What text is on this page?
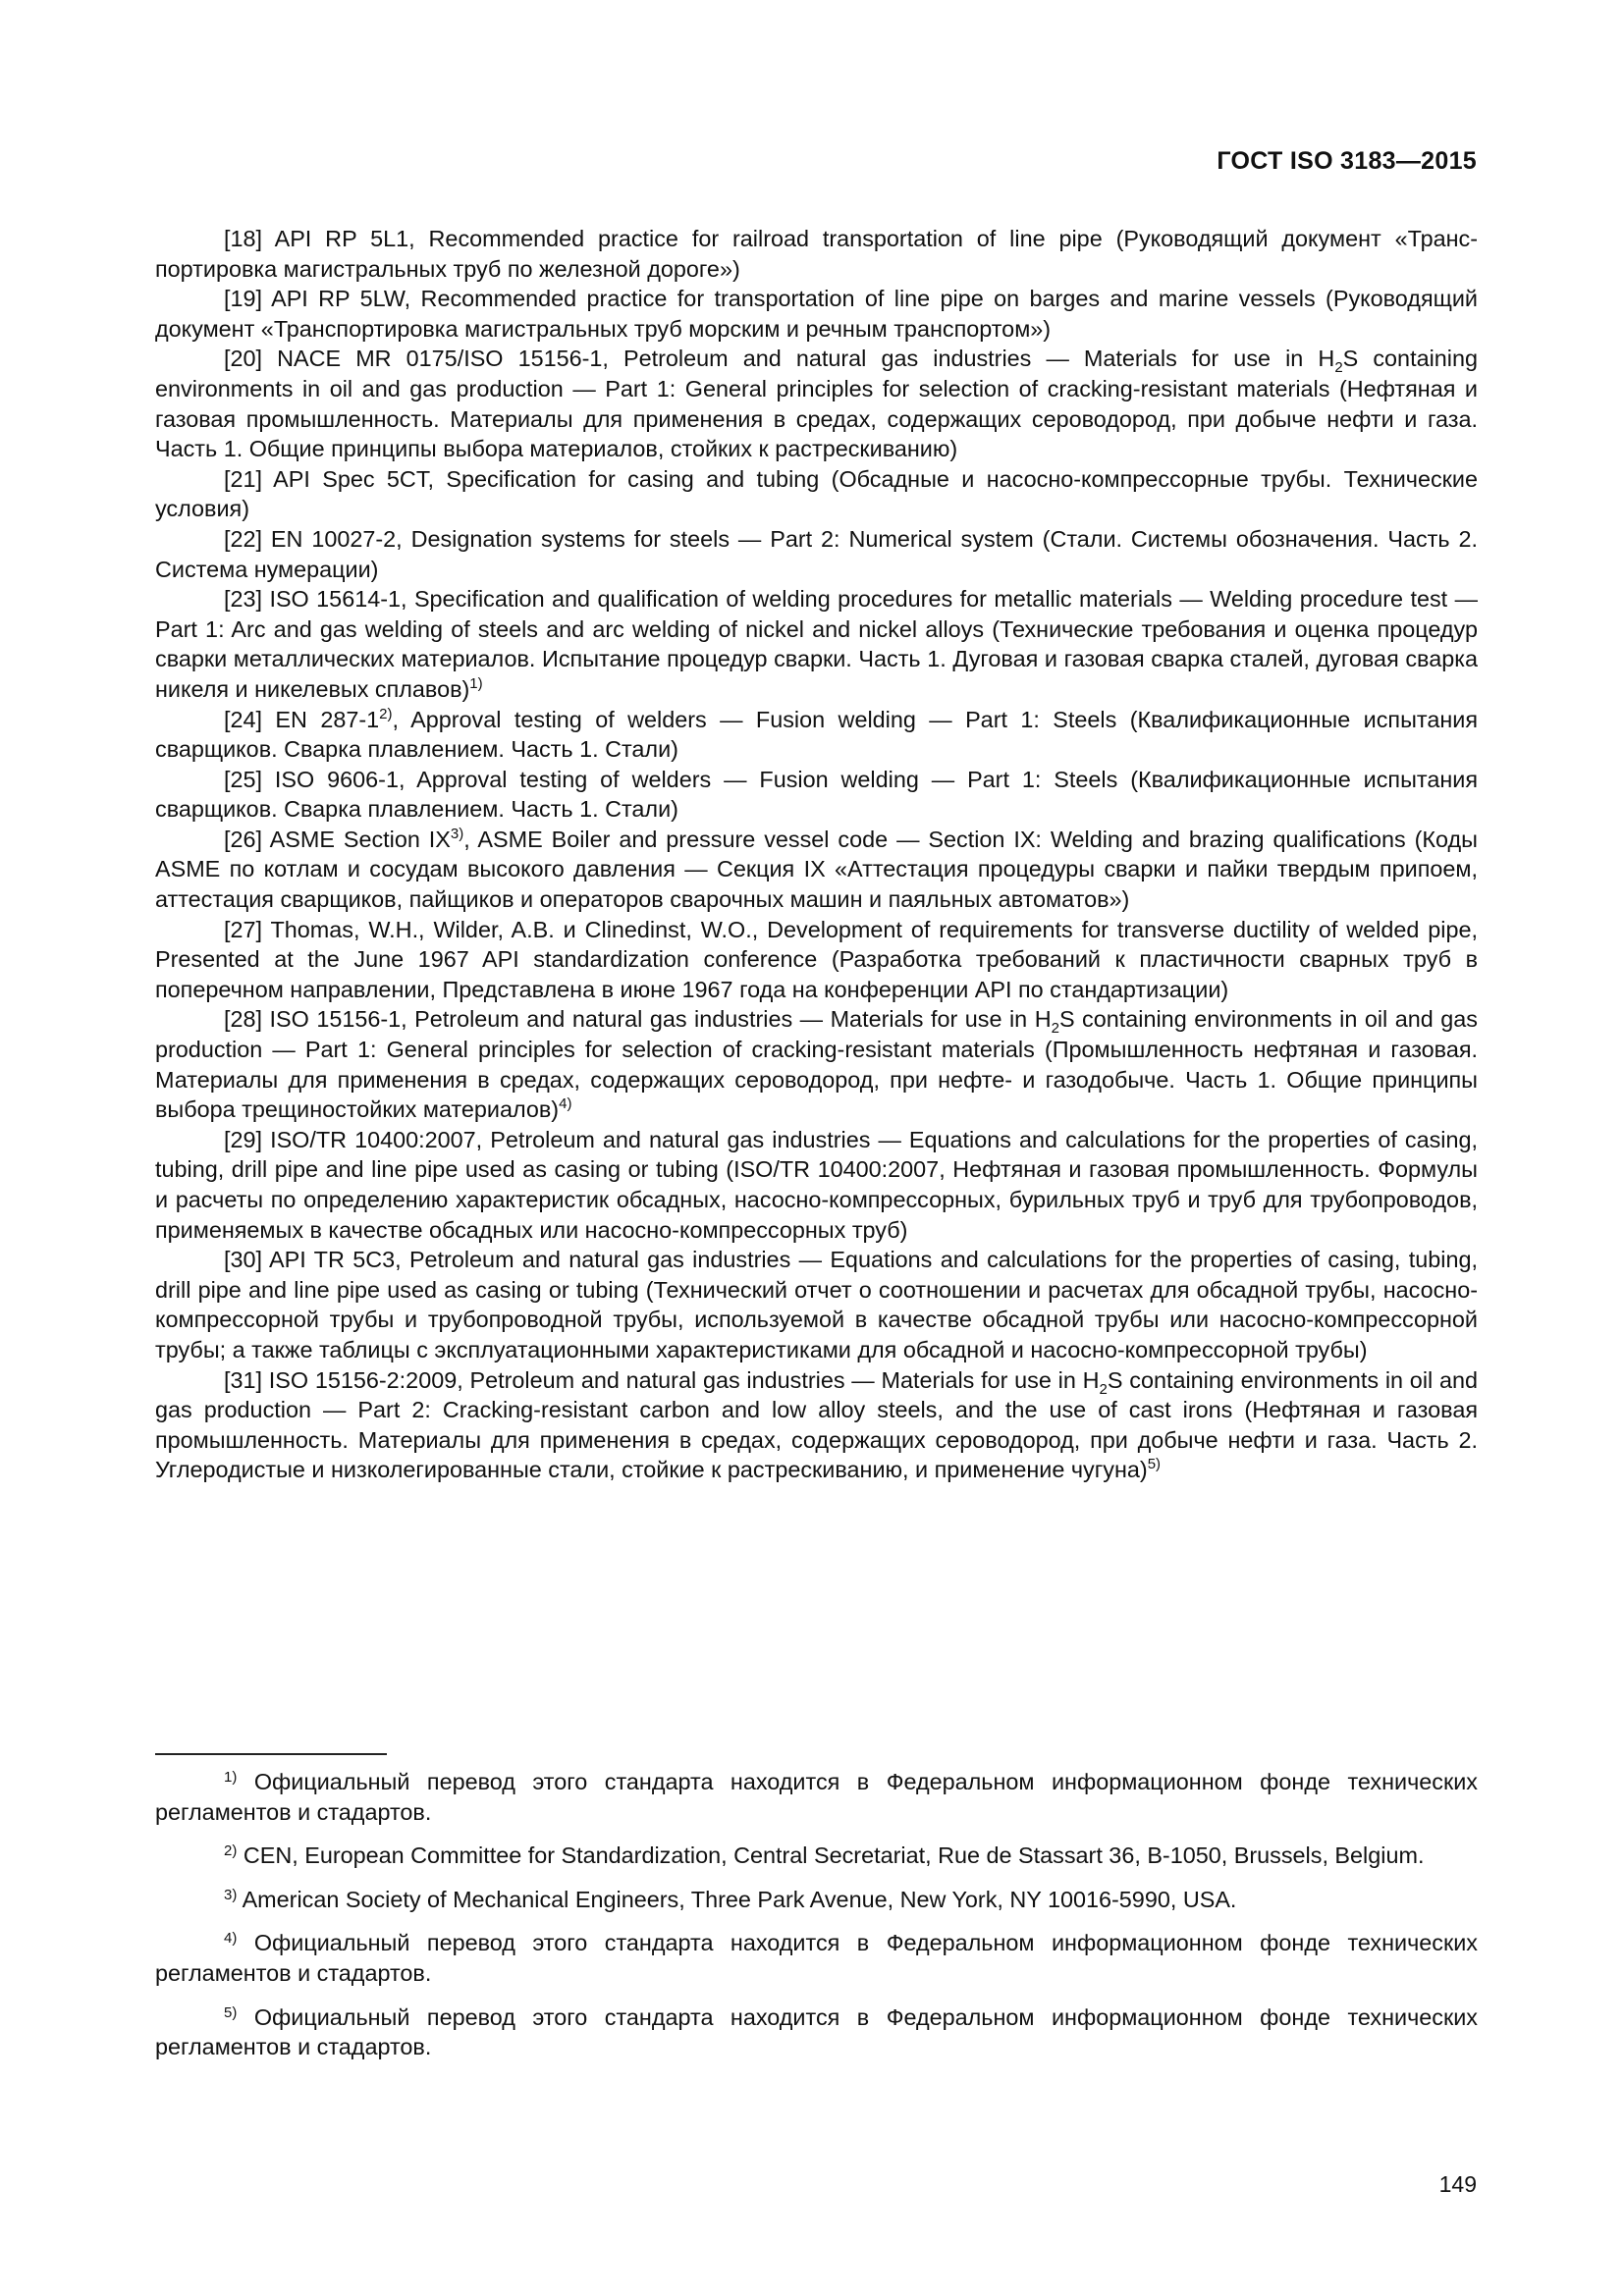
ГОСТ ISO 3183—2015

[18] API RP 5L1, Recommended practice for railroad transportation of line pipe (Руководящий документ «Транспортировка магистральных труб по железной дороге»)

[19] API RP 5LW, Recommended practice for transportation of line pipe on barges and marine vessels (Руководящий документ «Транспортировка магистральных труб морским и речным транспортом»)

[20] NACE MR 0175/ISO 15156-1, Petroleum and natural gas industries — Materials for use in $H_2S$ containing environments in oil and gas production — Part 1: General principles for selection of cracking-resistant materials (Нефтяная и газовая промышленность. Материалы для применения в средах, содержащих сероводород, при добыче нефти и газа. Часть 1. Общие принципы выбора материалов, стойких к растрескиванию)

[21] API Spec 5CT, Specification for casing and tubing (Обсадные и насосно-компрессорные трубы. Технические условия)

[22] EN 10027-2, Designation systems for steels — Part 2: Numerical system (Стали. Системы обозначения. Часть 2. Система нумерации)

[23] ISO 15614-1, Specification and qualification of welding procedures for metallic materials — Welding procedure test — Part 1: Arc and gas welding of steels and arc welding of nickel and nickel alloys (Технические требования и оценка процедур сварки металлических материалов. Испытание процедур сварки. Часть 1. Дуговая и газовая сварка сталей, дуговая сварка никеля и никелевых сплавов)$^{1)}$

[24] EN 287-1$^{2)}$, Approval testing of welders — Fusion welding — Part 1: Steels (Квалификационные испытания сварщиков. Сварка плавлением. Часть 1. Стали)

[25] ISO 9606-1, Approval testing of welders — Fusion welding — Part 1: Steels (Квалификационные испытания сварщиков. Сварка плавлением. Часть 1. Стали)

[26] ASME Section IX$^{3)}$, ASME Boiler and pressure vessel code — Section IX: Welding and brazing qualifications (Коды ASME по котлам и сосудам высокого давления — Секция IX «Аттестация процедуры сварки и пайки твердым припоем, аттестация сварщиков, пайщиков и операторов сварочных машин и паяльных автоматов»)

[27] Thomas, W.H., Wilder, A.B. и Clinedinst, W.O., Development of requirements for transverse ductility of welded pipe, Presented at the June 1967 API standardization conference (Разработка требований к пластичности сварных труб в поперечном направлении, Представлена в июне 1967 года на конференции API по стандартизации)

[28] ISO 15156-1, Petroleum and natural gas industries — Materials for use in $H_2S$ containing environments in oil and gas production — Part 1: General principles for selection of cracking-resistant materials (Промышленность нефтяная и газовая. Материалы для применения в средах, содержащих сероводород, при нефте- и газодобыче. Часть 1. Общие принципы выбора трещиностойких материалов)$^{4)}$

[29] ISO/TR 10400:2007, Petroleum and natural gas industries — Equations and calculations for the properties of casing, tubing, drill pipe and line pipe used as casing or tubing (ISO/TR 10400:2007, Нефтяная и газовая промышленность. Формулы и расчеты по определению характеристик обсадных, насосно-компрессорных, бурильных труб и труб для трубопроводов, применяемых в качестве обсадных или насосно-компрессорных труб)

[30] API TR 5C3, Petroleum and natural gas industries — Equations and calculations for the properties of casing, tubing, drill pipe and line pipe used as casing or tubing (Технический отчет о соотношении и расчетах для обсадной трубы, насосно-компрессорной трубы и трубопроводной трубы, используемой в качестве обсадной трубы или насосно-компрессорной трубы; а также таблицы с эксплуатационными характеристиками для обсадной и насосно-компрессорной трубы)

[31] ISO 15156-2:2009, Petroleum and natural gas industries — Materials for use in $H_2S$ containing environments in oil and gas production — Part 2: Cracking-resistant carbon and low alloy steels, and the use of cast irons (Нефтяная и газовая промышленность. Материалы для применения в средах, содержащих сероводород, при добыче нефти и газа. Часть 2. Углеродистые и низколегированные стали, стойкие к растрескиванию, и применение чугуна)$^{5)}$

$^{1)}$ Официальный перевод этого стандарта находится в Федеральном информационном фонде технических регламентов и стадартов.

$^{2)}$ CEN, European Committee for Standardization, Central Secretariat, Rue de Stassart 36, B-1050, Brussels, Belgium.

$^{3)}$ American Society of Mechanical Engineers, Three Park Avenue, New York, NY 10016-5990, USA.

$^{4)}$ Официальный перевод этого стандарта находится в Федеральном информационном фонде технических регламентов и стадартов.

$^{5)}$ Официальный перевод этого стандарта находится в Федеральном информационном фонде технических регламентов и стадартов.

149
